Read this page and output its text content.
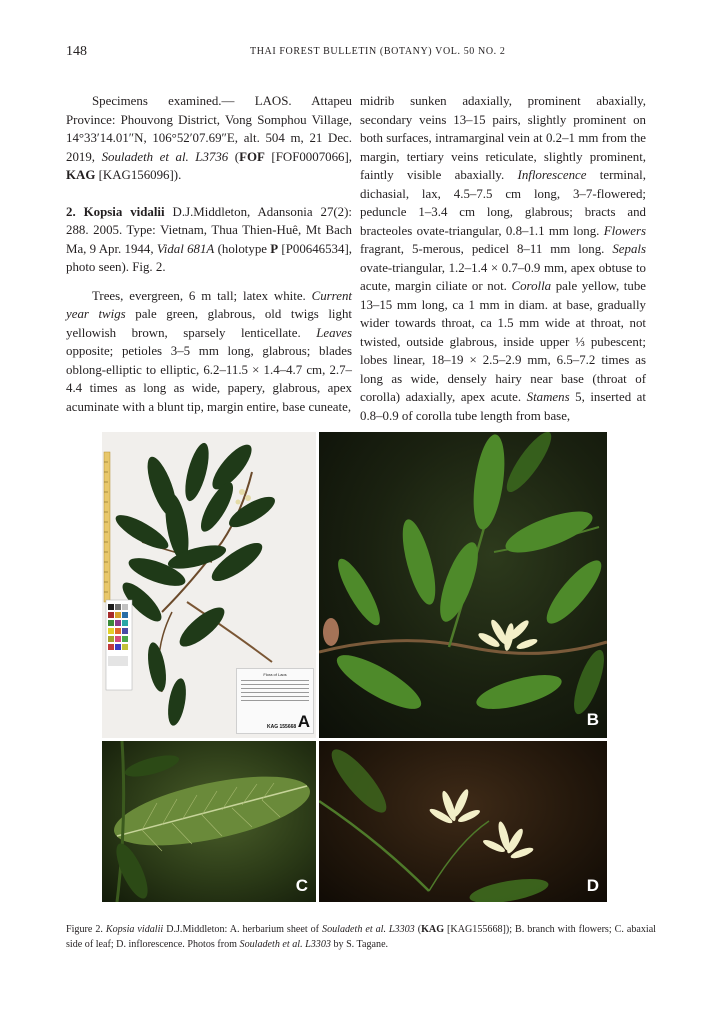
148	THAI FOREST BULLETIN (BOTANY) VOL. 50 NO. 2

Specimens examined.— LAOS. Attapeu Province: Phouvong District, Vong Somphou Village, 14°33′14.01″N, 106°52′07.69″E, alt. 504 m, 21 Dec. 2019, Souladeth et al. L3736 (FOF [FOF0007066], KAG [KAG156096]).

2. Kopsia vidalii D.J.Middleton, Adansonia 27(2): 288. 2005. Type: Vietnam, Thua Thien-Huê, Mt Bach Ma, 9 Apr. 1944, Vidal 681A (holotype P [P00646534], photo seen). Fig. 2.

Trees, evergreen, 6 m tall; latex white. Current year twigs pale green, glabrous, old twigs light yellowish brown, sparsely lenticellate. Leaves opposite; petioles 3–5 mm long, glabrous; blades oblong-elliptic to elliptic, 6.2–11.5 × 1.4–4.7 cm, 2.7–4.4 times as long as wide, papery, glabrous, apex acuminate with a blunt tip, margin entire, base cuneate,

midrib sunken adaxially, prominent abaxially, secondary veins 13–15 pairs, slightly prominent on both surfaces, intramarginal vein at 0.2–1 mm from the margin, tertiary veins reticulate, slightly prominent, faintly visible abaxially. Inflorescence terminal, dichasial, lax, 4.5–7.5 cm long, 3–7-flowered; peduncle 1–3.4 cm long, glabrous; bracts and bracteoles ovate-triangular, 0.8–1.1 mm long. Flowers fragrant, 5-merous, pedicel 8–11 mm long. Sepals ovate-triangular, 1.2–1.4 × 0.7–0.9 mm, apex obtuse to acute, margin ciliate or not. Corolla pale yellow, tube 13–15 mm long, ca 1 mm in diam. at base, gradually wider towards throat, ca 1.5 mm wide at throat, not twisted, outside glabrous, inside upper ⅓ pubescent; lobes linear, 18–19 × 2.5–2.9 mm, 6.5–7.2 times as long as wide, densely hairy near base (throat of corolla) adaxially, apex acute. Stamens 5, inserted at 0.8–0.9 of corolla tube length from base,

Flora of Laos
KAG 155668 A	B
C	D
Figure 2. Kopsia vidalii D.J.Middleton: A. herbarium sheet of Souladeth et al. L3303 (KAG [KAG155668]); B. branch with flowers; C. abaxial side of leaf; D. inflorescence. Photos from Souladeth et al. L3303 by S. Tagane.
